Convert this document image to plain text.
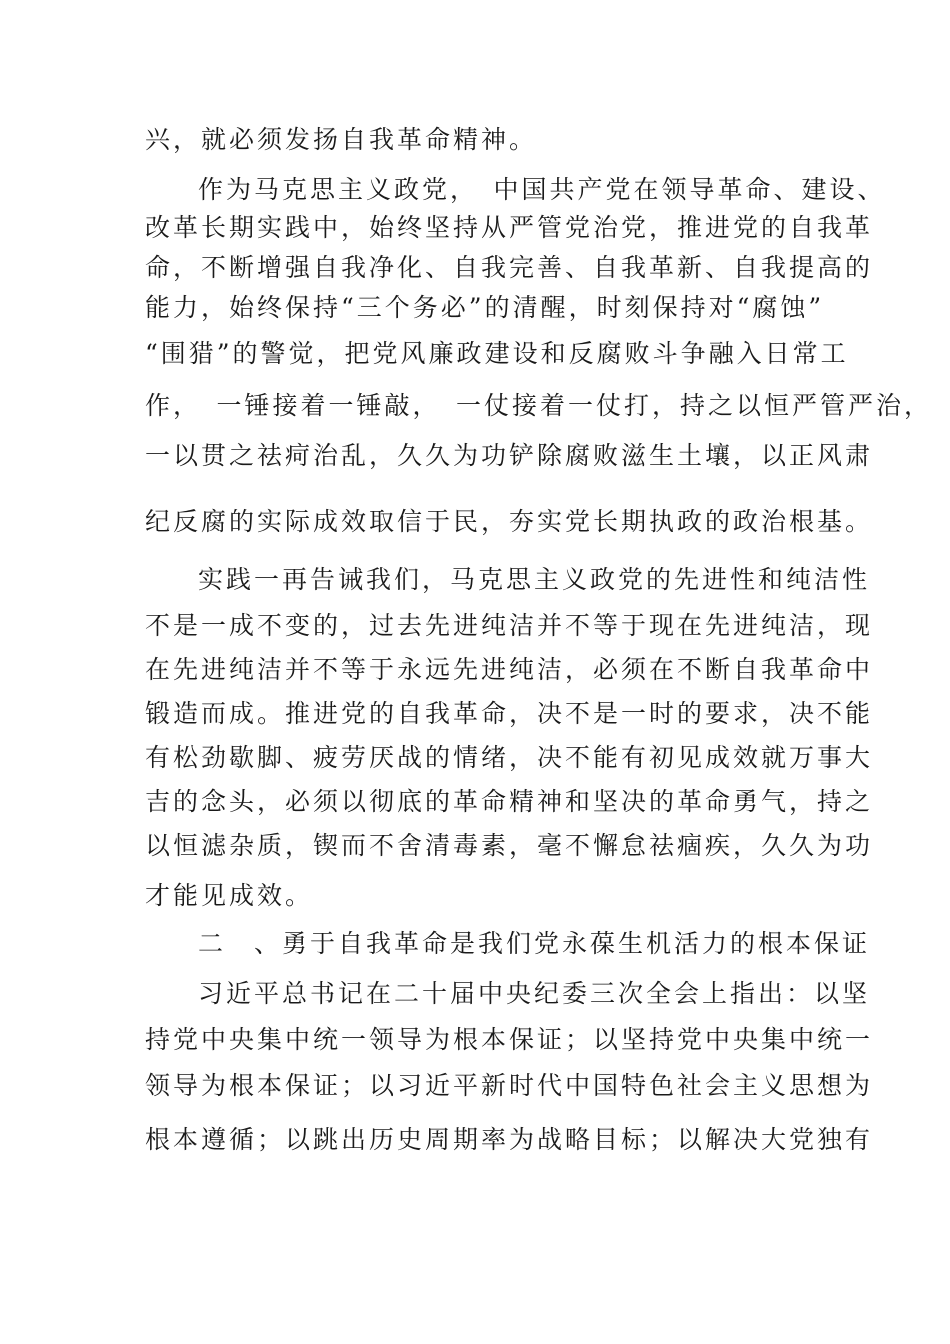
兴，就必须发扬自我革命精神。
作为马克思主义政党，　中国共产党在领导革命、建设、
改革长期实践中，始终坚持从严管党治党，推进党的自我革
命，不断增强自我净化、自我完善、自我革新、自我提高的
能力，始终保持“三个务必”的清醒，时刻保持对“腐蚀”
“围猎”的警觉，把党风廉政建设和反腐败斗争融入日常工
作，　一锤接着一锤敲，　一仗接着一仗打，持之以恒严管严治，
一以贯之祛疴治乱，久久为功铲除腐败滋生土壤，以正风肃
纪反腐的实际成效取信于民，夯实党长期执政的政治根基。
实践一再告诫我们，马克思主义政党的先进性和纯洁性
不是一成不变的，过去先进纯洁并不等于现在先进纯洁，现
在先进纯洁并不等于永远先进纯洁，必须在不断自我革命中
锻造而成。推进党的自我革命，决不是一时的要求，决不能
有松劲歇脚、疲劳厌战的情绪，决不能有初见成效就万事大
吉的念头，必须以彻底的革命精神和坚决的革命勇气，持之
以恒滤杂质，锲而不舍清毒素，毫不懈怠祛痼疾，久久为功
才能见成效。
二　、勇于自我革命是我们党永葆生机活力的根本保证
习近平总书记在二十届中央纪委三次全会上指出：以坚
持党中央集中统一领导为根本保证；以坚持党中央集中统一
领导为根本保证；以习近平新时代中国特色社会主义思想为
根本遵循；以跳出历史周期率为战略目标；以解决大党独有
